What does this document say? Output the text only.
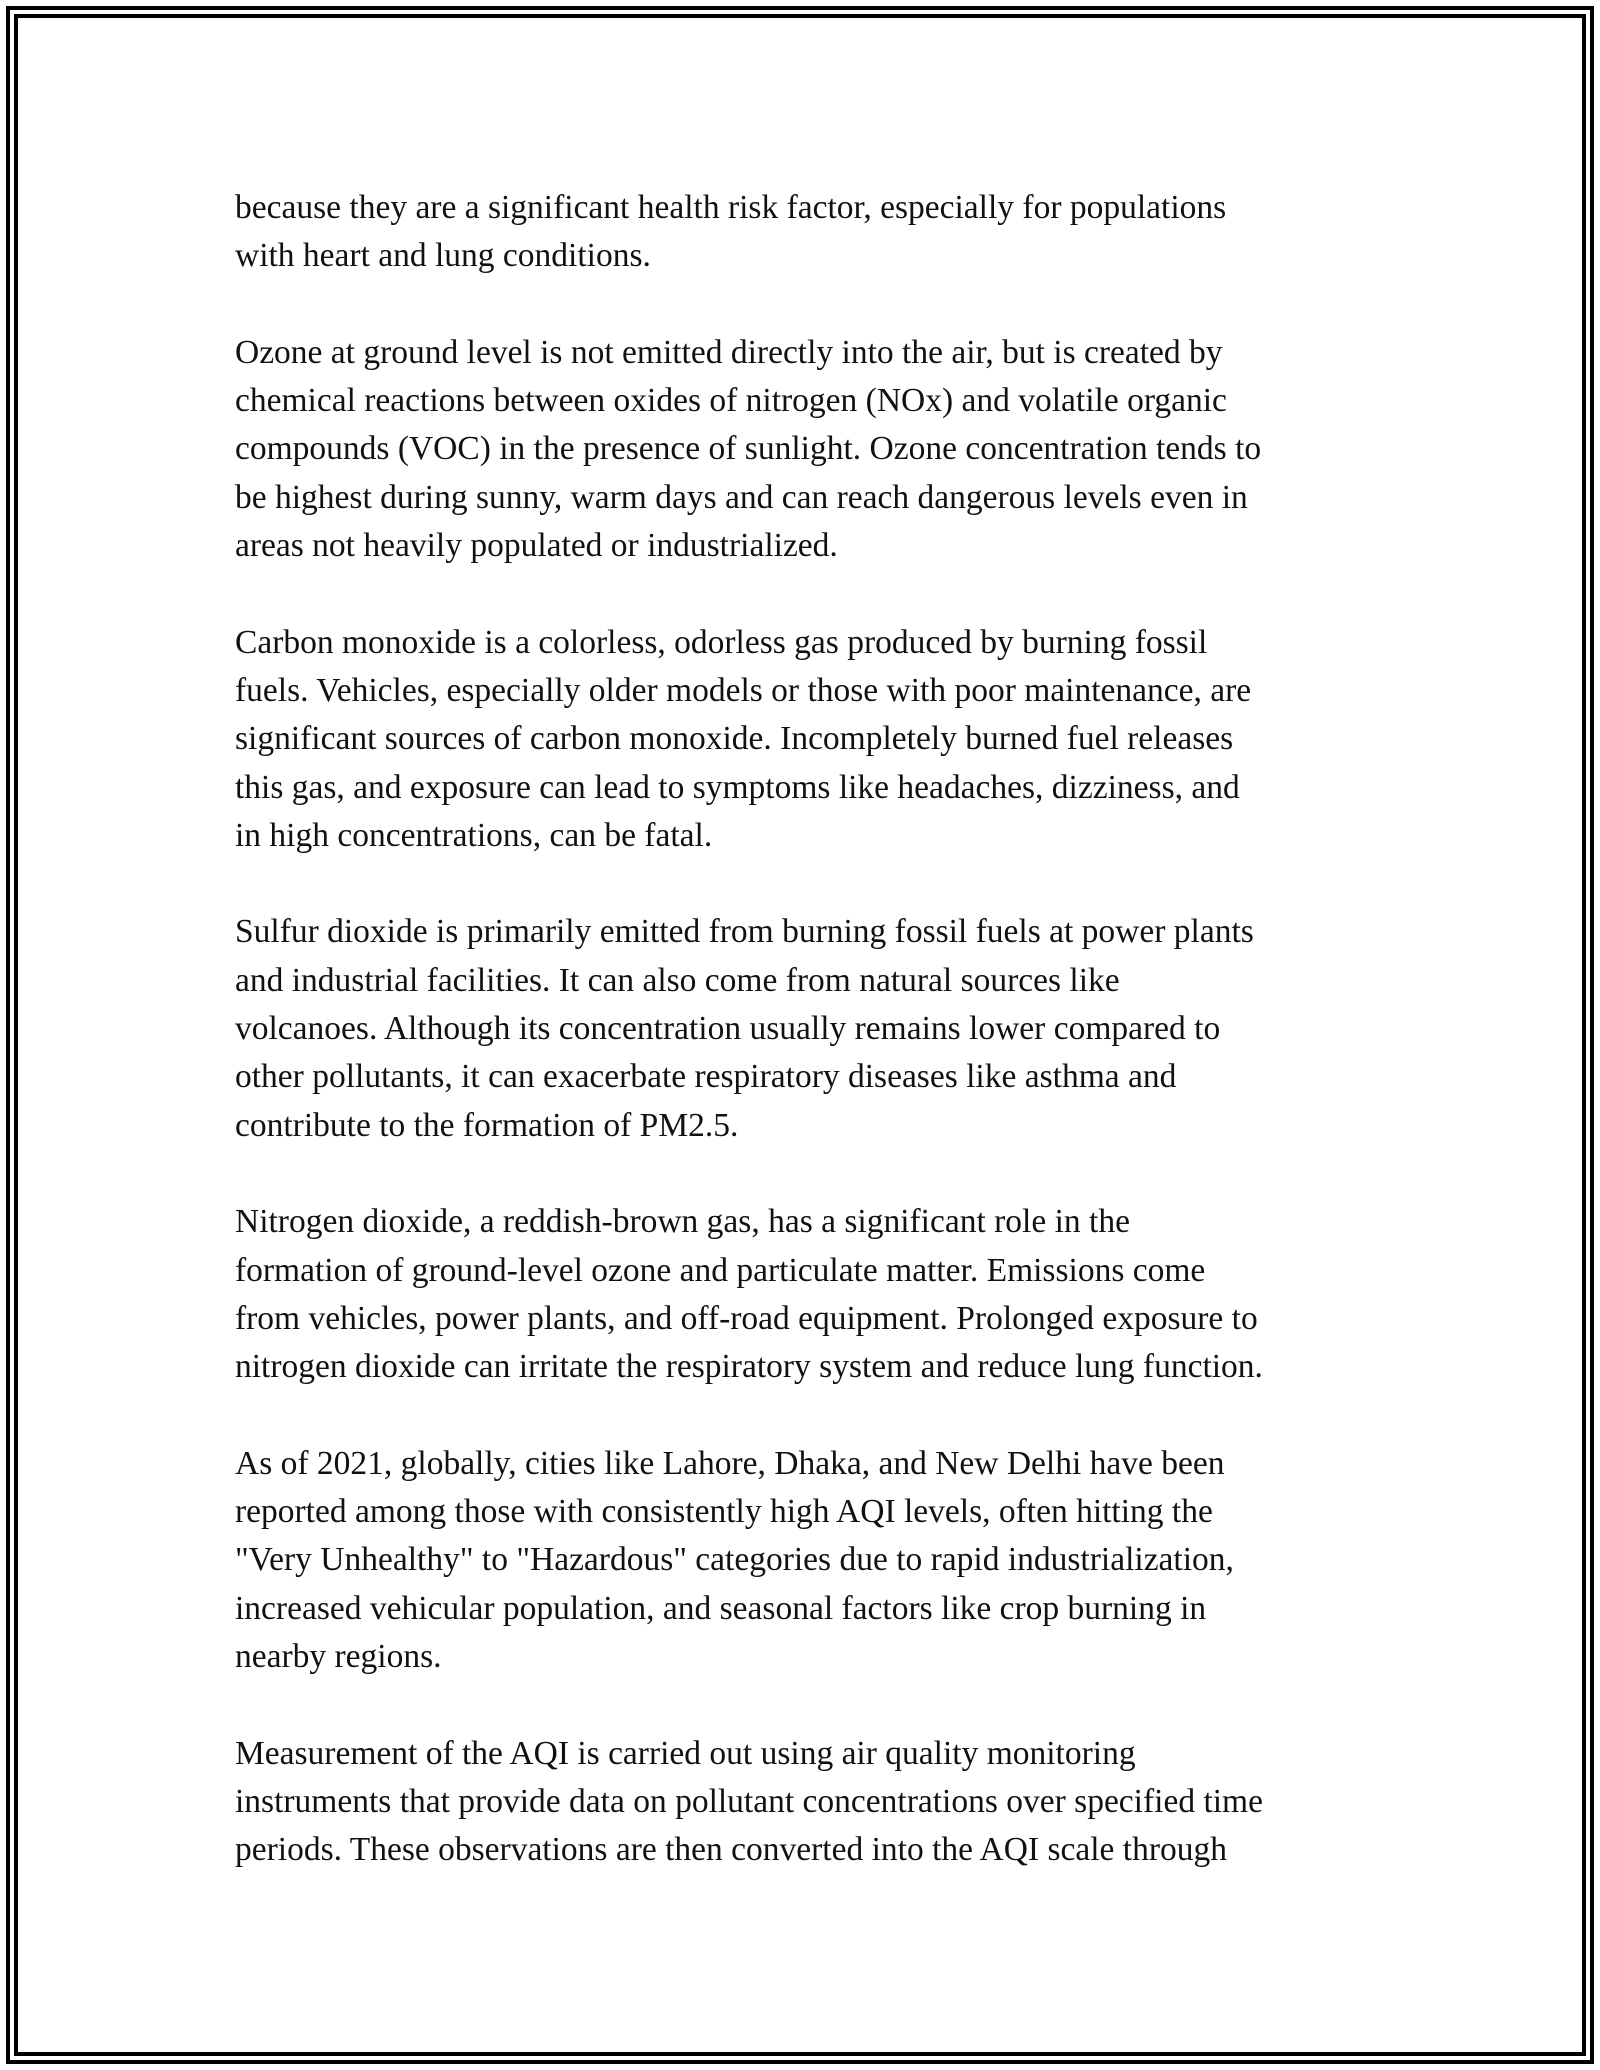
because they are a significant health risk factor, especially for populations
with heart and lung conditions.

Ozone at ground level is not emitted directly into the air, but is created by
chemical reactions between oxides of nitrogen (NOx) and volatile organic
compounds (VOC) in the presence of sunlight. Ozone concentration tends to
be highest during sunny, warm days and can reach dangerous levels even in
areas not heavily populated or industrialized.

Carbon monoxide is a colorless, odorless gas produced by burning fossil
fuels. Vehicles, especially older models or those with poor maintenance, are
significant sources of carbon monoxide. Incompletely burned fuel releases
this gas, and exposure can lead to symptoms like headaches, dizziness, and
in high concentrations, can be fatal.

Sulfur dioxide is primarily emitted from burning fossil fuels at power plants
and industrial facilities. It can also come from natural sources like
volcanoes. Although its concentration usually remains lower compared to
other pollutants, it can exacerbate respiratory diseases like asthma and
contribute to the formation of PM2.5.

Nitrogen dioxide, a reddish-brown gas, has a significant role in the
formation of ground-level ozone and particulate matter. Emissions come
from vehicles, power plants, and off-road equipment. Prolonged exposure to
nitrogen dioxide can irritate the respiratory system and reduce lung function.

As of 2021, globally, cities like Lahore, Dhaka, and New Delhi have been
reported among those with consistently high AQI levels, often hitting the
"Very Unhealthy" to "Hazardous" categories due to rapid industrialization,
increased vehicular population, and seasonal factors like crop burning in
nearby regions.

Measurement of the AQI is carried out using air quality monitoring
instruments that provide data on pollutant concentrations over specified time
periods. These observations are then converted into the AQI scale through
